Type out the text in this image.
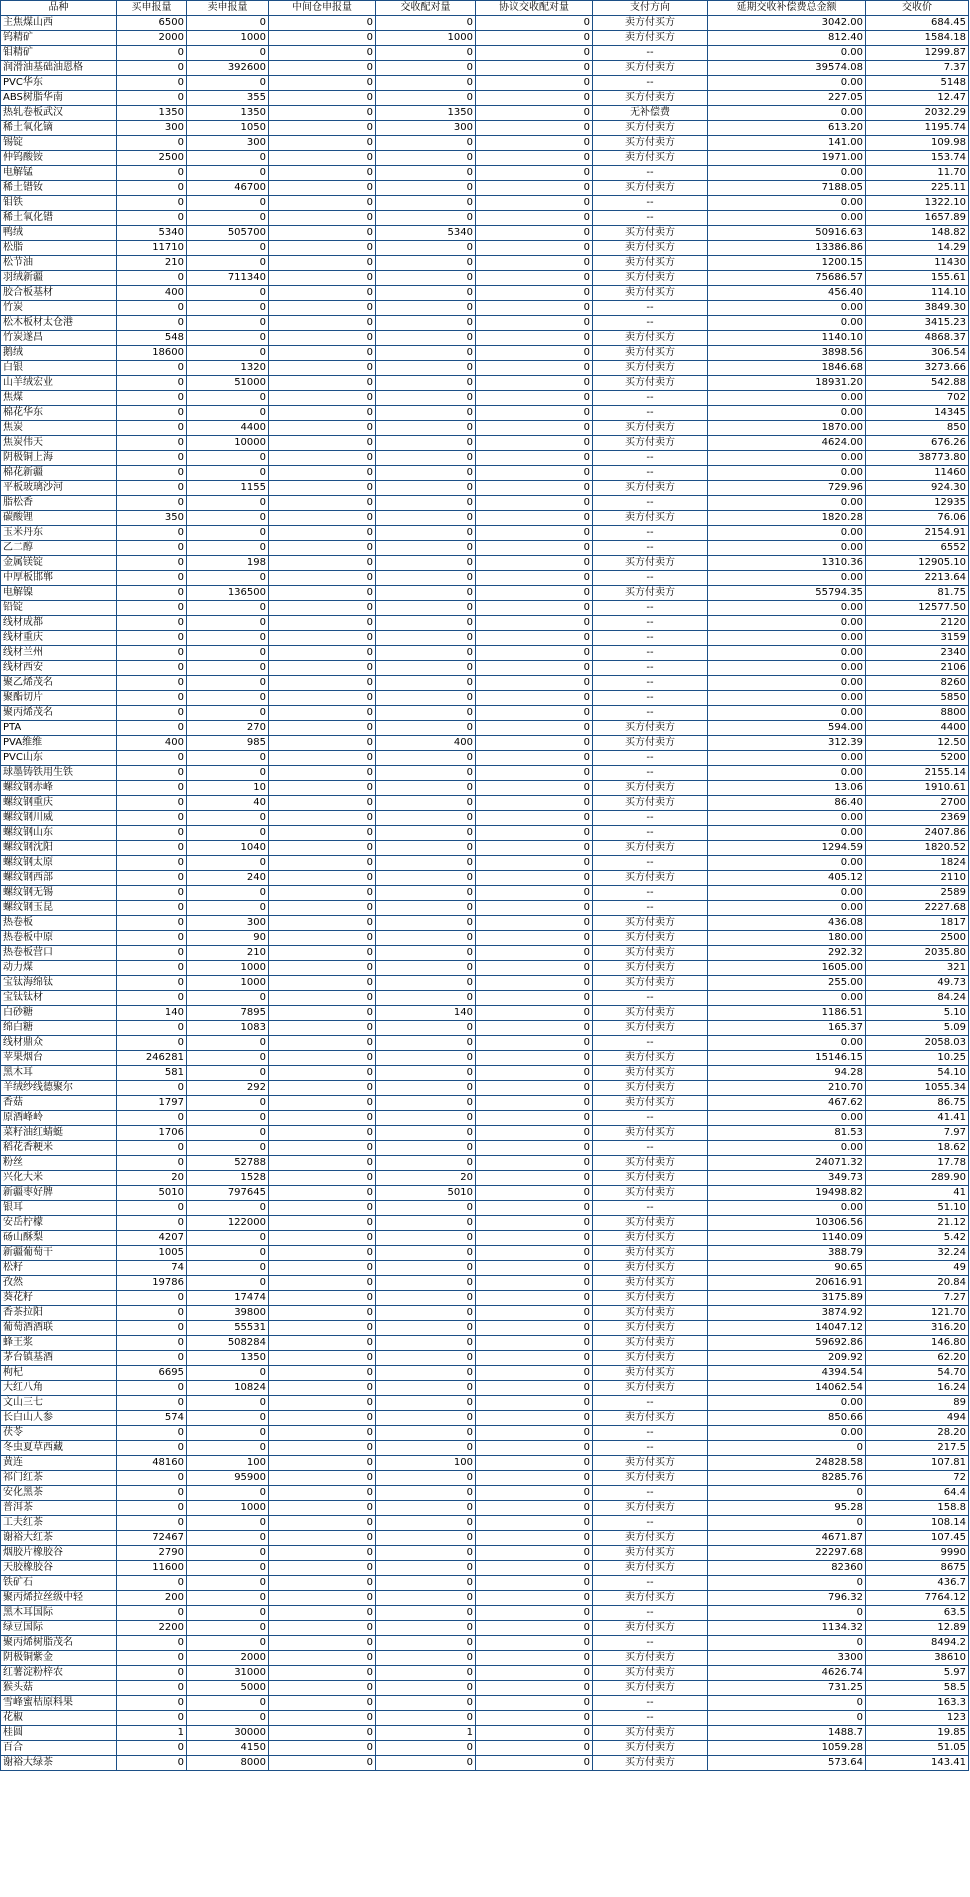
品种	买申报量	卖申报量	中间仓申报量	交收配对量	协议交收配对量	支付方向	延期交收补偿费总金额	交收价
主焦煤山西	6500	0	0	0	0	卖方付买方	3042.00	684.45
钨精矿	2000	1000	0	1000	0	卖方付买方	812.40	1584.18
钼精矿	0	0	0	0	0	--	0.00	1299.87
润滑油基础油恩格	0	392600	0	0	0	买方付卖方	39574.08	7.37
PVC华东	0	0	0	0	0	--	0.00	5148
ABS树脂华南	0	355	0	0	0	买方付卖方	227.05	12.47
热轧卷板武汉	1350	1350	0	1350	0	无补偿费	0.00	2032.29
稀土氧化镝	300	1050	0	300	0	买方付卖方	613.20	1195.74
锡锭	0	300	0	0	0	买方付卖方	141.00	109.98
仲钨酸铵	2500	0	0	0	0	卖方付买方	1971.00	153.74
电解锰	0	0	0	0	0	--	0.00	11.70
稀土镨钕	0	46700	0	0	0	买方付卖方	7188.05	225.11
钼铁	0	0	0	0	0	--	0.00	1322.10
稀土氧化镨	0	0	0	0	0	--	0.00	1657.89
鸭绒	5340	505700	0	5340	0	买方付卖方	50916.63	148.82
松脂	11710	0	0	0	0	卖方付买方	13386.86	14.29
松节油	210	0	0	0	0	卖方付买方	1200.15	11430
羽绒新疆	0	711340	0	0	0	买方付卖方	75686.57	155.61
胶合板基材	400	0	0	0	0	卖方付买方	456.40	114.10
竹炭	0	0	0	0	0	--	0.00	3849.30
松木板材太仓港	0	0	0	0	0	--	0.00	3415.23
竹炭遂昌	548	0	0	0	0	卖方付买方	1140.10	4868.37
鹅绒	18600	0	0	0	0	卖方付买方	3898.56	306.54
白银	0	1320	0	0	0	买方付卖方	1846.68	3273.66
山羊绒宏业	0	51000	0	0	0	买方付卖方	18931.20	542.88
焦煤	0	0	0	0	0	--	0.00	702
棉花华东	0	0	0	0	0	--	0.00	14345
焦炭	0	4400	0	0	0	买方付卖方	1870.00	850
焦炭伟天	0	10000	0	0	0	买方付卖方	4624.00	676.26
阴极铜上海	0	0	0	0	0	--	0.00	38773.80
棉花新疆	0	0	0	0	0	--	0.00	11460
平板玻璃沙河	0	1155	0	0	0	买方付卖方	729.96	924.30
脂松香	0	0	0	0	0	--	0.00	12935
碳酸锂	350	0	0	0	0	卖方付买方	1820.28	76.06
玉米丹东	0	0	0	0	0	--	0.00	2154.91
乙二醇	0	0	0	0	0	--	0.00	6552
金属镁锭	0	198	0	0	0	买方付卖方	1310.36	12905.10
中厚板邯郸	0	0	0	0	0	--	0.00	2213.64
电解镍	0	136500	0	0	0	买方付卖方	55794.35	81.75
铅锭	0	0	0	0	0	--	0.00	12577.50
线材成都	0	0	0	0	0	--	0.00	2120
线材重庆	0	0	0	0	0	--	0.00	3159
线材兰州	0	0	0	0	0	--	0.00	2340
线材西安	0	0	0	0	0	--	0.00	2106
聚乙烯茂名	0	0	0	0	0	--	0.00	8260
聚酯切片	0	0	0	0	0	--	0.00	5850
聚丙烯茂名	0	0	0	0	0	--	0.00	8800
PTA	0	270	0	0	0	买方付卖方	594.00	4400
PVA维维	400	985	0	400	0	买方付卖方	312.39	12.50
PVC山东	0	0	0	0	0	--	0.00	5200
球墨铸铁用生铁	0	0	0	0	0	--	0.00	2155.14
螺纹钢赤峰	0	10	0	0	0	买方付卖方	13.06	1910.61
螺纹钢重庆	0	40	0	0	0	买方付卖方	86.40	2700
螺纹钢川威	0	0	0	0	0	--	0.00	2369
螺纹钢山东	0	0	0	0	0	--	0.00	2407.86
螺纹钢沈阳	0	1040	0	0	0	买方付卖方	1294.59	1820.52
螺纹钢太原	0	0	0	0	0	--	0.00	1824
螺纹钢西部	0	240	0	0	0	买方付卖方	405.12	2110
螺纹钢无锡	0	0	0	0	0	--	0.00	2589
螺纹钢玉昆	0	0	0	0	0	--	0.00	2227.68
热卷板	0	300	0	0	0	买方付卖方	436.08	1817
热卷板中原	0	90	0	0	0	买方付卖方	180.00	2500
热卷板营口	0	210	0	0	0	买方付卖方	292.32	2035.80
动力煤	0	1000	0	0	0	买方付卖方	1605.00	321
宝钛海绵钛	0	1000	0	0	0	买方付卖方	255.00	49.73
宝钛钛材	0	0	0	0	0	--	0.00	84.24
白砂糖	140	7895	0	140	0	买方付卖方	1186.51	5.10
绵白糖	0	1083	0	0	0	买方付卖方	165.37	5.09
线材鼎众	0	0	0	0	0	--	0.00	2058.03
苹果烟台	246281	0	0	0	0	卖方付买方	15146.15	10.25
黑木耳	581	0	0	0	0	卖方付买方	94.28	54.10
羊绒纱线德聚尔	0	292	0	0	0	买方付卖方	210.70	1055.34
香菇	1797	0	0	0	0	卖方付买方	467.62	86.75
原酒峰岭	0	0	0	0	0	--	0.00	41.41
菜籽油红蜻蜓	1706	0	0	0	0	卖方付买方	81.53	7.97
稻花香粳米	0	0	0	0	0	--	0.00	18.62
粉丝	0	52788	0	0	0	买方付卖方	24071.32	17.78
兴化大米	20	1528	0	20	0	买方付卖方	349.73	289.90
新疆枣好牌	5010	797645	0	5010	0	买方付卖方	19498.82	41
银耳	0	0	0	0	0	--	0.00	51.10
安岳柠檬	0	122000	0	0	0	买方付卖方	10306.56	21.12
砀山酥梨	4207	0	0	0	0	卖方付买方	1140.09	5.42
新疆葡萄干	1005	0	0	0	0	卖方付买方	388.79	32.24
松籽	74	0	0	0	0	卖方付买方	90.65	49
孜然	19786	0	0	0	0	卖方付买方	20616.91	20.84
葵花籽	0	17474	0	0	0	买方付卖方	3175.89	7.27
香茶拉阳	0	39800	0	0	0	买方付卖方	3874.92	121.70
葡萄酒酒联	0	55531	0	0	0	买方付卖方	14047.12	316.20
蜂王浆	0	508284	0	0	0	买方付卖方	59692.86	146.80
茅台镇基酒	0	1350	0	0	0	买方付卖方	209.92	62.20
枸杞	6695	0	0	0	0	卖方付买方	4394.54	54.70
大红八角	0	10824	0	0	0	买方付卖方	14062.54	16.24
文山三七	0	0	0	0	0	--	0.00	89
长白山人参	574	0	0	0	0	卖方付买方	850.66	494
茯苓	0	0	0	0	0	--	0.00	28.20
冬虫夏草西藏	0	0	0	0	0	--	0	217.5
黄连	48160	100	0	100	0	卖方付买方	24828.58	107.81
祁门红茶	0	95900	0	0	0	买方付卖方	8285.76	72
安化黑茶	0	0	0	0	0	--	0	64.4
普洱茶	0	1000	0	0	0	买方付卖方	95.28	158.8
工夫红茶	0	0	0	0	0	--	0	108.14
谢裕大红茶	72467	0	0	0	0	卖方付买方	4671.87	107.45
烟胶片橡胶谷	2790	0	0	0	0	卖方付买方	22297.68	9990
天胶橡胶谷	11600	0	0	0	0	卖方付买方	82360	8675
铁矿石	0	0	0	0	0	--	0	436.7
聚丙烯拉丝级中轻	200	0	0	0	0	卖方付买方	796.32	7764.12
黑木耳国际	0	0	0	0	0	--	0	63.5
绿豆国际	2200	0	0	0	0	卖方付买方	1134.32	12.89
聚丙烯树脂茂名	0	0	0	0	0	--	0	8494.2
阴极铜紫金	0	2000	0	0	0	买方付卖方	3300	38610
红薯淀粉梓农	0	31000	0	0	0	买方付卖方	4626.74	5.97
猴头菇	0	5000	0	0	0	买方付卖方	731.25	58.5
雪峰蜜桔原料果	0	0	0	0	0	--	0	163.3
花椒	0	0	0	0	0	--	0	123
桂圆	1	30000	0	1	0	买方付卖方	1488.7	19.85
百合	0	4150	0	0	0	买方付卖方	1059.28	51.05
谢裕大绿茶	0	8000	0	0	0	买方付卖方	573.64	143.41
